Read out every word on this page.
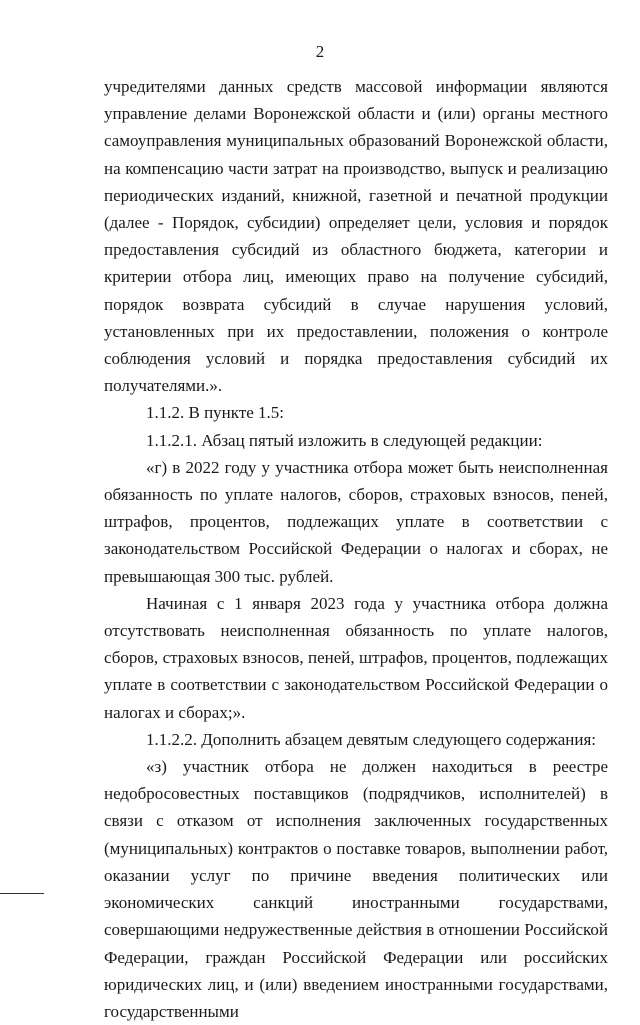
2

учредителями данных средств массовой информации являются управление делами Воронежской области и (или) органы местного самоуправления муниципальных образований Воронежской области, на компенсацию части затрат на производство, выпуск и реализацию периодических изданий, книжной, газетной и печатной продукции (далее - Порядок, субсидии) определяет цели, условия и порядок предоставления субсидий из областного бюджета, категории и критерии отбора лиц, имеющих право на получение субсидий, порядок возврата субсидий в случае нарушения условий, установленных при их предоставлении, положения о контроле соблюдения условий и порядка предоставления субсидий их получателями.».

1.1.2. В пункте 1.5:

1.1.2.1. Абзац пятый изложить в следующей редакции:

«г) в 2022 году у участника отбора может быть неисполненная обязанность по уплате налогов, сборов, страховых взносов, пеней, штрафов, процентов, подлежащих уплате в соответствии с законодательством Российской Федерации о налогах и сборах, не превышающая 300 тыс. рублей.

Начиная с 1 января 2023 года у участника отбора должна отсутствовать неисполненная обязанность по уплате налогов, сборов, страховых взносов, пеней, штрафов, процентов, подлежащих уплате в соответствии с законодательством Российской Федерации о налогах и сборах;».

1.1.2.2. Дополнить абзацем девятым следующего содержания:

«з) участник отбора не должен находиться в реестре недобросовестных поставщиков (подрядчиков, исполнителей) в связи с отказом от исполнения заключенных государственных (муниципальных) контрактов о поставке товаров, выполнении работ, оказании услуг по причине введения политических или экономических санкций иностранными государствами, совершающими недружественные действия в отношении Российской Федерации, граждан Российской Федерации или российских юридических лиц, и (или) введением иностранными государствами, государственными
